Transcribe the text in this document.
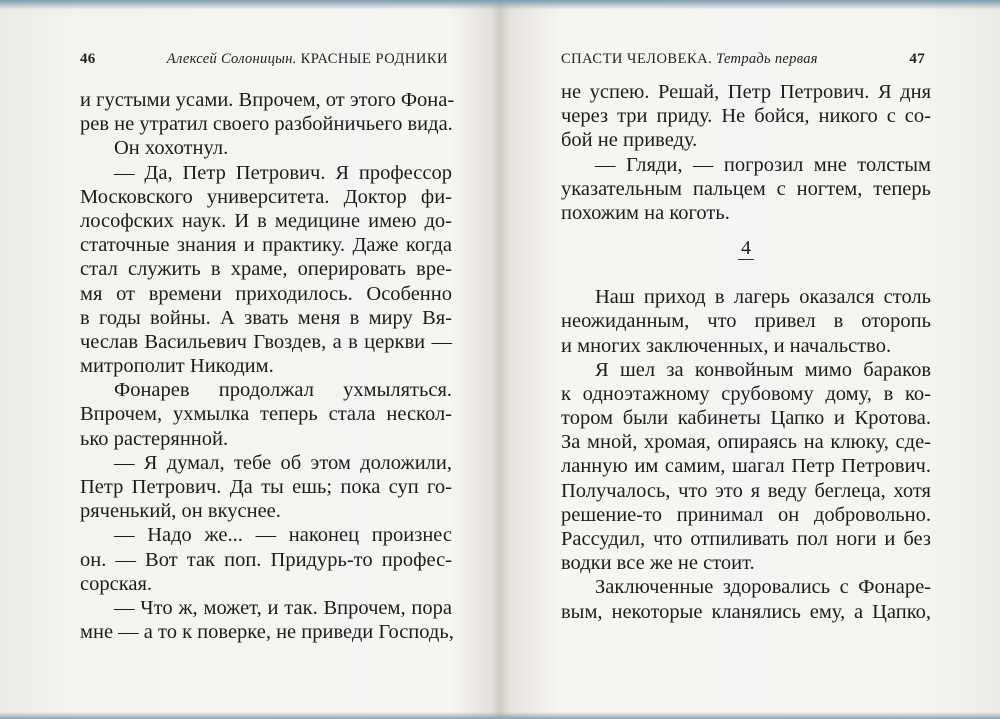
46	Алексей Солоницын. КРАСНЫЕ РОДНИКИ
и густыми усами. Впрочем, от этого Фона-
рев не утратил своего разбойничьего вида.
Он хохотнул.
— Да, Петр Петрович. Я профессор
Московского университета. Доктор фи-
лософских наук. И в медицине имею до-
статочные знания и практику. Даже когда
стал служить в храме, оперировать вре-
мя от времени приходилось. Особенно
в годы войны. А звать меня в миру Вя-
чеслав Васильевич Гвоздев, а в церкви —
митрополит Никодим.
Фонарев продолжал ухмыляться.
Впрочем, ухмылка теперь стала нескол-
ько растерянной.
— Я думал, тебе об этом доложили,
Петр Петрович. Да ты ешь; пока суп го-
ряченький, он вкуснее.
— Надо же... — наконец произнес
он. — Вот так поп. Придурь-то профес-
сорская.
— Что ж, может, и так. Впрочем, пора
мне — а то к поверке, не приведи Господь,
СПАСТИ ЧЕЛОВЕКА. Тетрадь первая	47
не успею. Решай, Петр Петрович. Я дня
через три приду. Не бойся, никого с со-
бой не приведу.
— Гляди, — погрозил мне толстым
указательным пальцем с ногтем, теперь
похожим на коготь.
4
Наш приход в лагерь оказался столь
неожиданным, что привел в оторопь
и многих заключенных, и начальство.
Я шел за конвойным мимо бараков
к одноэтажному срубовому дому, в ко-
тором были кабинеты Цапко и Кротова.
За мной, хромая, опираясь на клюку, сде-
ланную им самим, шагал Петр Петрович.
Получалось, что это я веду беглеца, хотя
решение-то принимал он добровольно.
Рассудил, что отпиливать пол ноги и без
водки все же не стоит.
Заключенные здоровались с Фонаре-
вым, некоторые кланялись ему, а Цапко,
